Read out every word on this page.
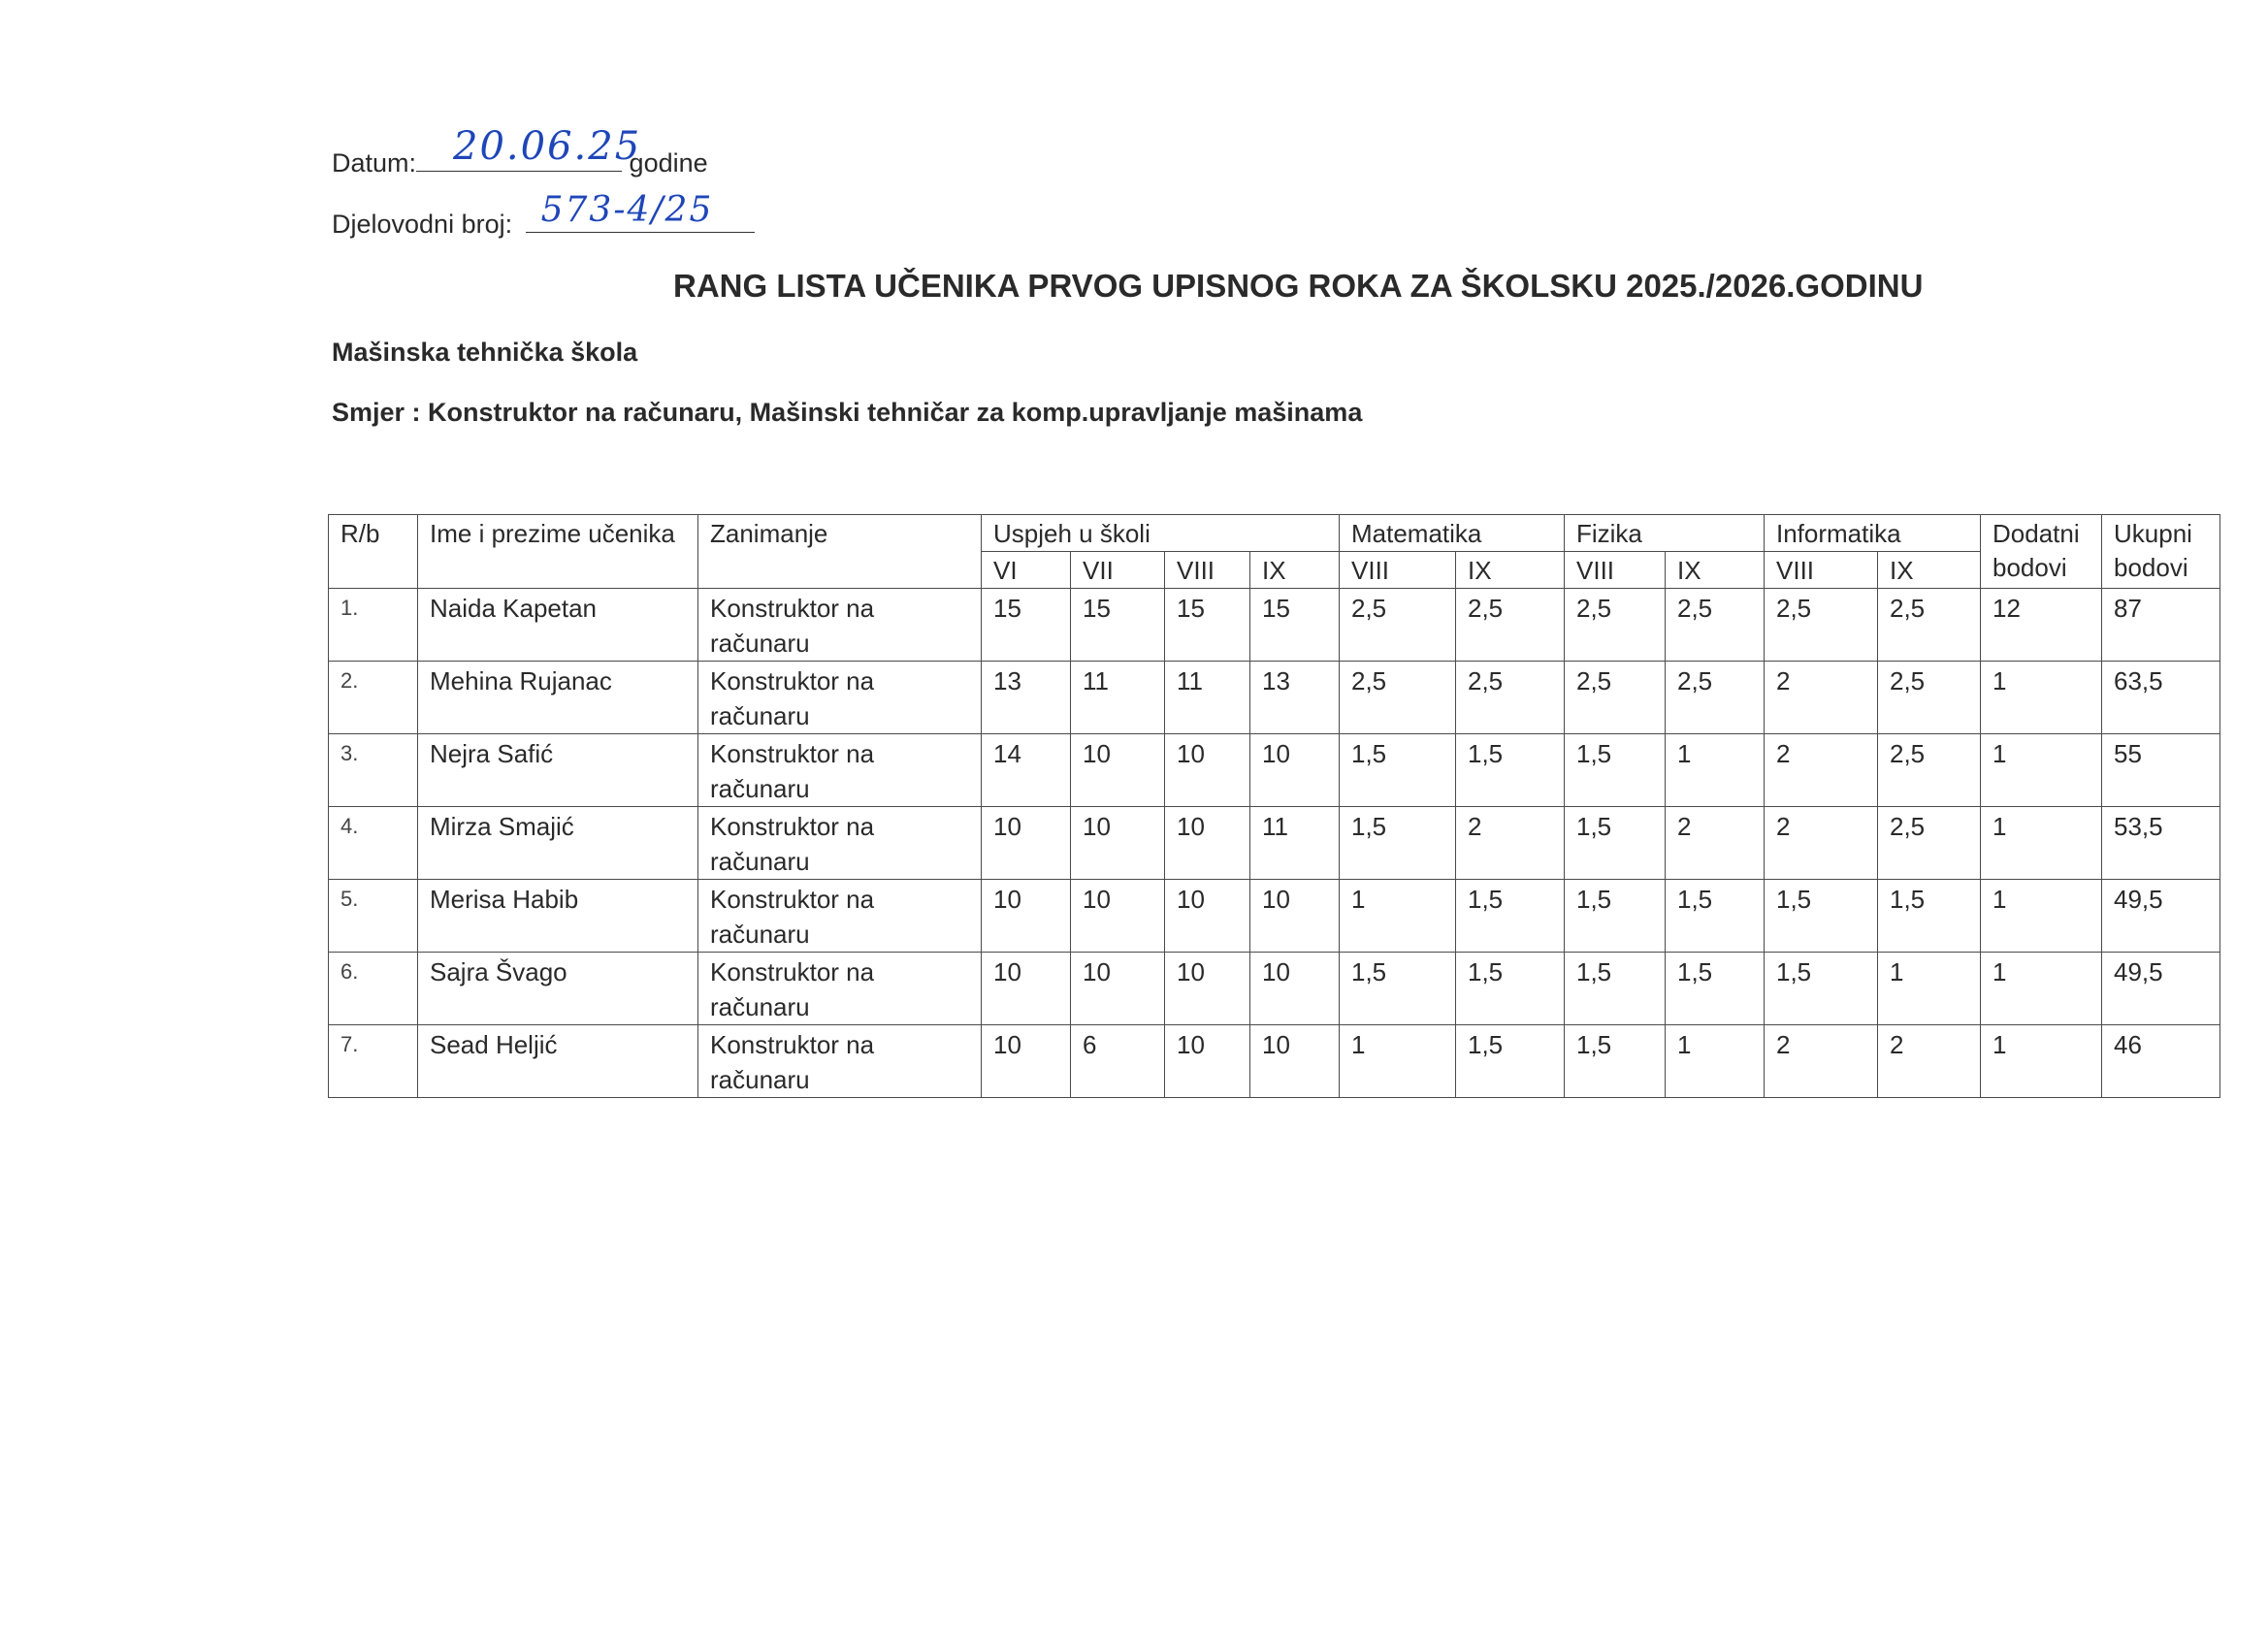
Datum: 20.06.25
godine
Djelovodni broj: 573-4/25
RANG LISTA UČENIKA PRVOG UPISNOG ROKA ZA ŠKOLSKU 2025./2026.GODINU
Mašinska tehnička škola
Smjer : Konstruktor na računaru, Mašinski tehničar za komp.upravljanje mašinama
R/b	Ime i prezime učenika	Zanimanje	Uspjeh u školi				Matematika		Fizika		Informatika		Dodatni bodovi	Ukupni bodovi
			VI	VII	VIII	IX	VIII	IX	VIII	IX	VIII	IX		
1.	Naida Kapetan	Konstruktor na računaru	15	15	15	15	2,5	2,5	2,5	2,5	2,5	2,5	12	87
2.	Mehina Rujanac	Konstruktor na računaru	13	11	11	13	2,5	2,5	2,5	2,5	2	2,5	1	63,5
3.	Nejra Safić	Konstruktor na računaru	14	10	10	10	1,5	1,5	1,5	1	2	2,5	1	55
4.	Mirza Smajić	Konstruktor na računaru	10	10	10	11	1,5	2	1,5	2	2	2,5	1	53,5
5.	Merisa Habib	Konstruktor na računaru	10	10	10	10	1	1,5	1,5	1,5	1,5	1,5	1	49,5
6.	Sajra Švago	Konstruktor na računaru	10	10	10	10	1,5	1,5	1,5	1,5	1,5	1	1	49,5
7.	Sead Heljić	Konstruktor na računaru	10	6	10	10	1	1,5	1,5	1	2	2	1	46
